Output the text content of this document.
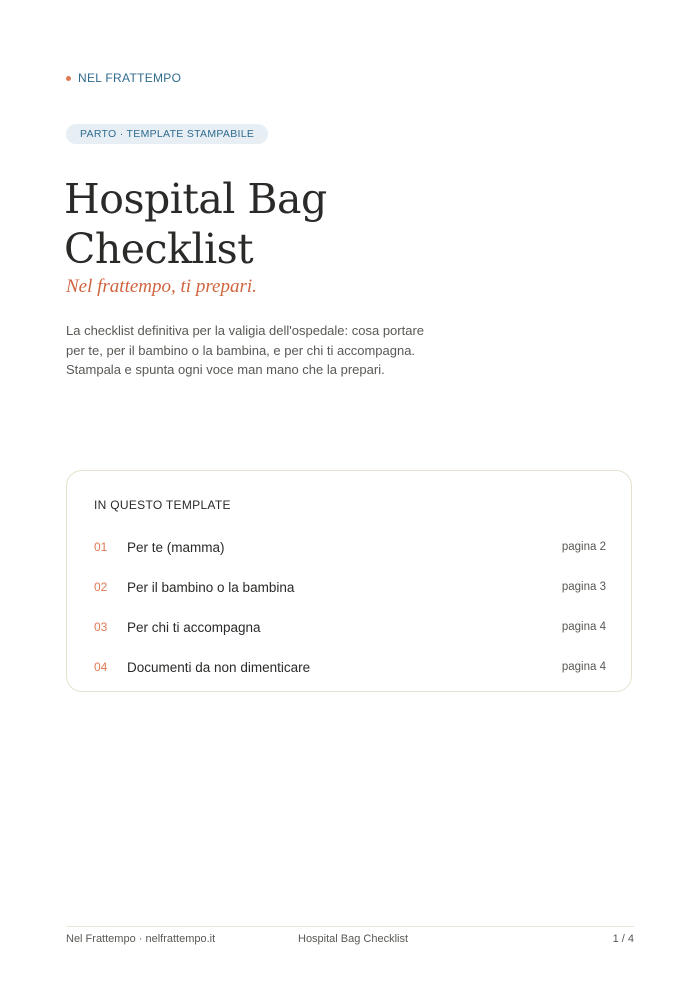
NEL FRATTEMPO
PARTO · TEMPLATE STAMPABILE
Hospital Bag Checklist
Nel frattempo, ti prepari.

La checklist definitiva per la valigia dell'ospedale: cosa portare per te, per il bambino o la bambina, e per chi ti accompagna. Stampala e spunta ogni voce man mano che la prepari.

IN QUESTO TEMPLATE
01	Per te (mamma)	pagina 2
02	Per il bambino o la bambina	pagina 3
03	Per chi ti accompagna	pagina 4
04	Documenti da non dimenticare	pagina 4
Nel Frattempo · nelfrattempo.it	Hospital Bag Checklist	1 / 4
